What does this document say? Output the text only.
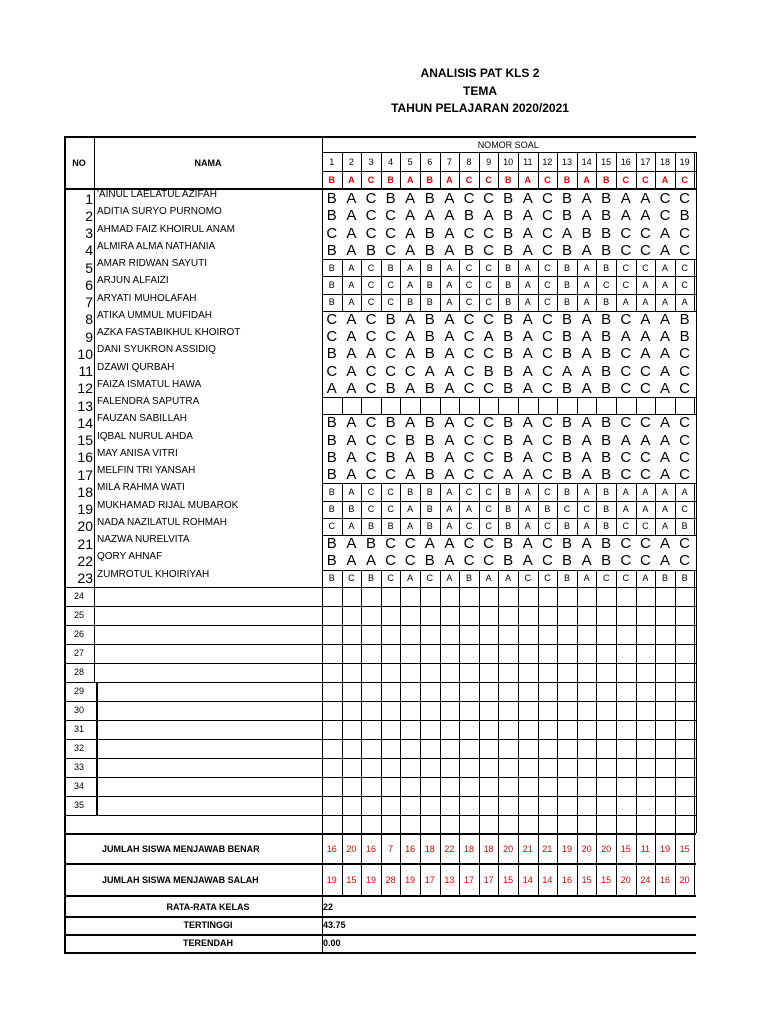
ANALISIS PAT KLS 2
TEMA
TAHUN PELAJARAN 2020/2021
NOMOR SOAL
NO	NAMA	1	2	3	4	5	6	7	8	9	10	11	12	13	14	15	16	17	18	19
B	A	C	B	A	B	A	C	C	B	A	C	B	A	B	C	C	A	C
1 'AINUL LAELATUL AZIFAH	B A C B A B A C C B A C B A B A A C C
2 ADITIA SURYO PURNOMO	B A C C A A A B A B A C B A B A A C B
3 AHMAD FAIZ KHOIRUL ANAM	C A C C A B A C C B A C A B B C C A C
4 ALMIRA ALMA NATHANIA	B A B C A B A B C B A C B A B C C A C
5 AMAR RIDWAN SAYUTI	B	A	C	B	A	B	A	C	C	B	A	C	B	A	B	C	C	A	C
6 ARJUN ALFAIZI	B	A	C	C	A	B	A	C	C	B	A	C	B	A	C	C	A	A	C
7 ARYATI MUHOLAFAH	B	A	C	C	B	B	A	C	C	B	A	C	B	A	B	A	A	A	A
8 ATIKA UMMUL MUFIDAH	C A C B A B A C C B A C B A B C A A B
9 AZKA FASTABIKHUL KHOIROT	C A C C A B A C A B A C B A B A A A B
10 DANI SYUKRON ASSIDIQ	B A A C A B A C C B A C B A B C A A C
11 DZAWI QURBAH	C A C C C A A C B B A C A A B C C A C
12 FAIZA ISMATUL HAWA	A A C B A B A C C B A C B A B C C A C
13 FALENDRA SAPUTRA
14 FAUZAN SABILLAH	B A C B A B A C C B A C B A B C C A C
15 IQBAL NURUL AHDA	B A C C B B A C C B A C B A B A A A C
16 MAY ANISA VITRI	B A C B A B A C C B A C B A B C C A C
17 MELFIN TRI YANSAH	B A C C A B A C C A A C B A B C C A C
18 MILA RAHMA WATI	B	A	C	C	B	B	A	C	C	B	A	C	B	A	B	A	A	A	A
19 MUKHAMAD RIJAL MUBAROK	B	B	C	C	A	B	A	A	C	B	A	B	C	C	B	A	A	A	C
20 NADA NAZILATUL ROHMAH	C	A	B	B	A	B	A	C	C	B	A	C	B	A	B	C	C	A	B
21 NAZWA NURELVITA	B A B C C A A C C B A C B A B C C A C
22 QORY AHNAF	B A A C C B A C C B A C B A B C C A C
23 ZUMROTUL KHOIRIYAH	B	C	B	C	A	C	A	B	A	A	C	C	B	A	C	C	A	B	B
24
25
26
27
28
29
30
31
32
33
34
35
JUMLAH SISWA MENJAWAB BENAR	16	20	16	7	16	18	22	18	18	20	21	21	19	20	20	15	11	19	15
JUMLAH SISWA MENJAWAB SALAH	19	15	19	28	19	17	13	17	17	15	14	14	16	15	15	20	24	16	20
RATA-RATA KELAS	22
TERTINGGI	43.75
TERENDAH	0.00
